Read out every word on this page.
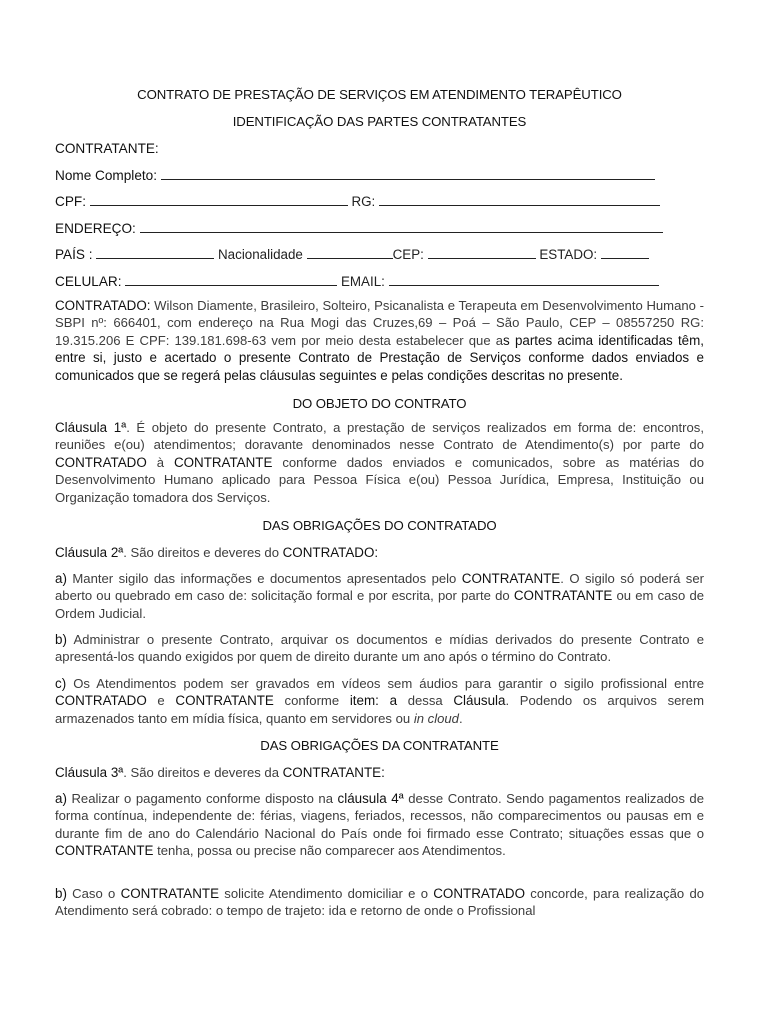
CONTRATO DE PRESTAÇÃO DE SERVIÇOS EM ATENDIMENTO TERAPÊUTICO
IDENTIFICAÇÃO DAS PARTES CONTRATANTES
CONTRATANTE:
Nome Completo:
CPF:	RG:
ENDEREÇO:
PAÍS :	Nacionalidade	CEP:	ESTADO:
CELULAR:	EMAIL:
CONTRATADO: Wilson Diamente, Brasileiro, Solteiro, Psicanalista e Terapeuta em Desenvolvimento Humano - SBPI nº: 666401, com endereço na Rua Mogi das Cruzes,69 – Poá – São Paulo, CEP – 08557250 RG: 19.315.206 E CPF: 139.181.698-63 vem por meio desta estabelecer que as partes acima identificadas têm, entre si, justo e acertado o presente Contrato de Prestação de Serviços conforme dados enviados e comunicados que se regerá pelas cláusulas seguintes e pelas condições descritas no presente.
DO OBJETO DO CONTRATO
Cláusula 1ª. É objeto do presente Contrato, a prestação de serviços realizados em forma de: encontros, reuniões e(ou) atendimentos; doravante denominados nesse Contrato de Atendimento(s) por parte do CONTRATADO à CONTRATANTE conforme dados enviados e comunicados, sobre as matérias do Desenvolvimento Humano aplicado para Pessoa Física e(ou) Pessoa Jurídica, Empresa, Instituição ou Organização tomadora dos Serviços.
DAS OBRIGAÇÕES DO CONTRATADO
Cláusula 2ª. São direitos e deveres do CONTRATADO:
a) Manter sigilo das informações e documentos apresentados pelo CONTRATANTE. O sigilo só poderá ser aberto ou quebrado em caso de: solicitação formal e por escrita, por parte do CONTRATANTE ou em caso de Ordem Judicial.
b) Administrar o presente Contrato, arquivar os documentos e mídias derivados do presente Contrato e apresentá-los quando exigidos por quem de direito durante um ano após o término do Contrato.
c) Os Atendimentos podem ser gravados em vídeos sem áudios para garantir o sigilo profissional entre CONTRATADO e CONTRATANTE conforme item: a dessa Cláusula. Podendo os arquivos serem armazenados tanto em mídia física, quanto em servidores ou in cloud.
DAS OBRIGAÇÕES DA CONTRATANTE
Cláusula 3ª. São direitos e deveres da CONTRATANTE:
a) Realizar o pagamento conforme disposto na cláusula 4ª desse Contrato. Sendo pagamentos realizados de forma contínua, independente de: férias, viagens, feriados, recessos, não comparecimentos ou pausas em e durante fim de ano do Calendário Nacional do País onde foi firmado esse Contrato; situações essas que o CONTRATANTE tenha, possa ou precise não comparecer aos Atendimentos.
b) Caso o CONTRATANTE solicite Atendimento domiciliar e o CONTRATADO concorde, para realização do Atendimento será cobrado: o tempo de trajeto: ida e retorno de onde o Profissional
